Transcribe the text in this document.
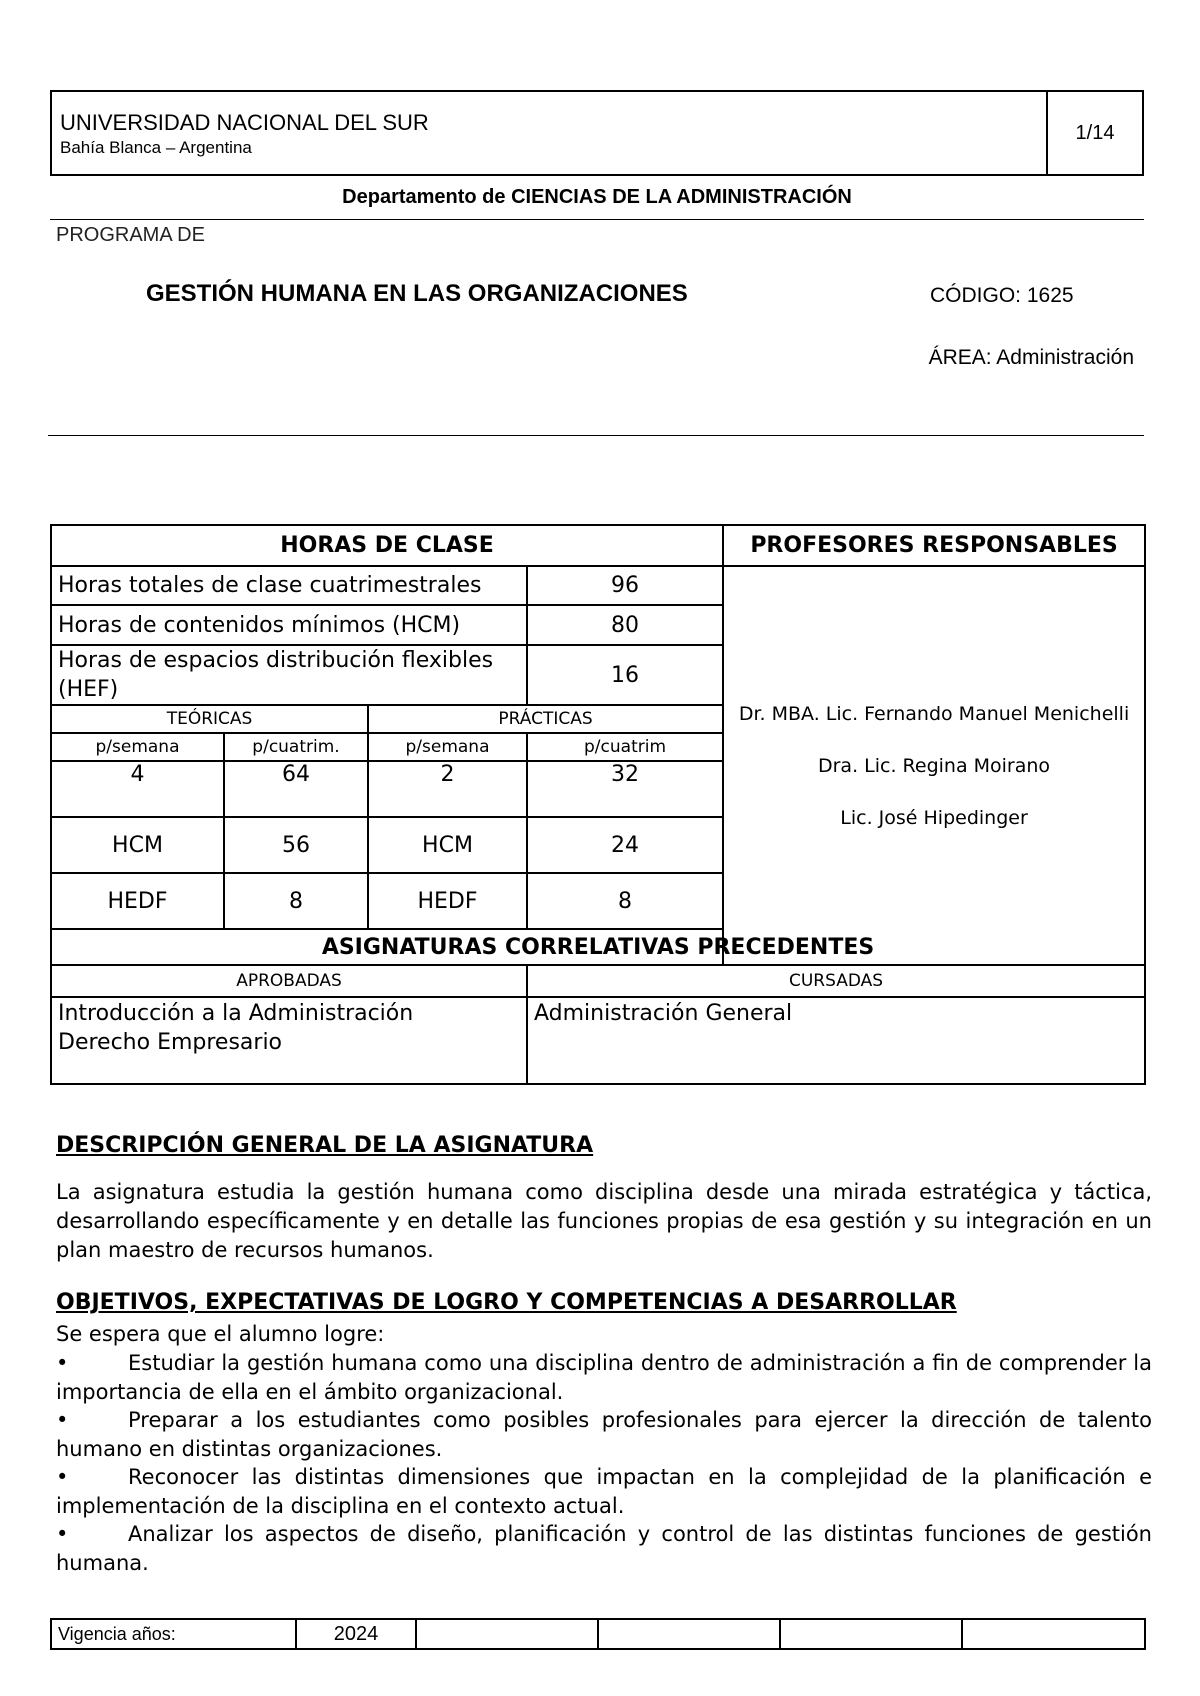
UNIVERSIDAD NACIONAL DEL SUR
Bahía Blanca – Argentina
1/14
Departamento de CIENCIAS DE LA ADMINISTRACIÓN
PROGRAMA DE
GESTIÓN HUMANA EN LAS ORGANIZACIONES	CÓDIGO: 1625
ÁREA: Administración
HORAS DE CLASE				PROFESORES RESPONSABLES
Horas totales de clase cuatrimestrales			96	Dr. MBA. Lic. Fernando Manuel Menichelli
Dra. Lic. Regina Moirano
Lic. José Hipedinger

Horas de contenidos mínimos (HCM)			80	
Horas de espacios distribución flexibles (HEF)			16	
TEÓRICAS		PRÁCTICAS		
p/semana	p/cuatrim.	p/semana	p/cuatrim	
4	64	2	32	
HCM	56	HCM	24	
HEDF	8	HEDF	8	
ASIGNATURAS CORRELATIVAS PRECEDENTES				
APROBADAS			CURSADAS	

Introducción a la Administración
Derecho Empresario			Administración General	
DESCRIPCIÓN GENERAL DE LA ASIGNATURA
La asignatura estudia la gestión humana como disciplina desde una mirada estratégica y táctica, desarrollando específicamente y en detalle las funciones propias de esa gestión y su integración en un plan maestro de recursos humanos.
OBJETIVOS, EXPECTATIVAS DE LOGRO Y COMPETENCIAS A DESARROLLAR
Se espera que el alumno logre:
•	Estudiar la gestión humana como una disciplina dentro de administración a fin de comprender la importancia de ella en el ámbito organizacional.
•	Preparar a los estudiantes como posibles profesionales para ejercer la dirección de talento humano en distintas organizaciones.
•	Reconocer las distintas dimensiones que impactan en la complejidad de la planificación e implementación de la disciplina en el contexto actual.
•	Analizar los aspectos de diseño, planificación y control de las distintas funciones de gestión humana.
Vigencia años:	2024				
